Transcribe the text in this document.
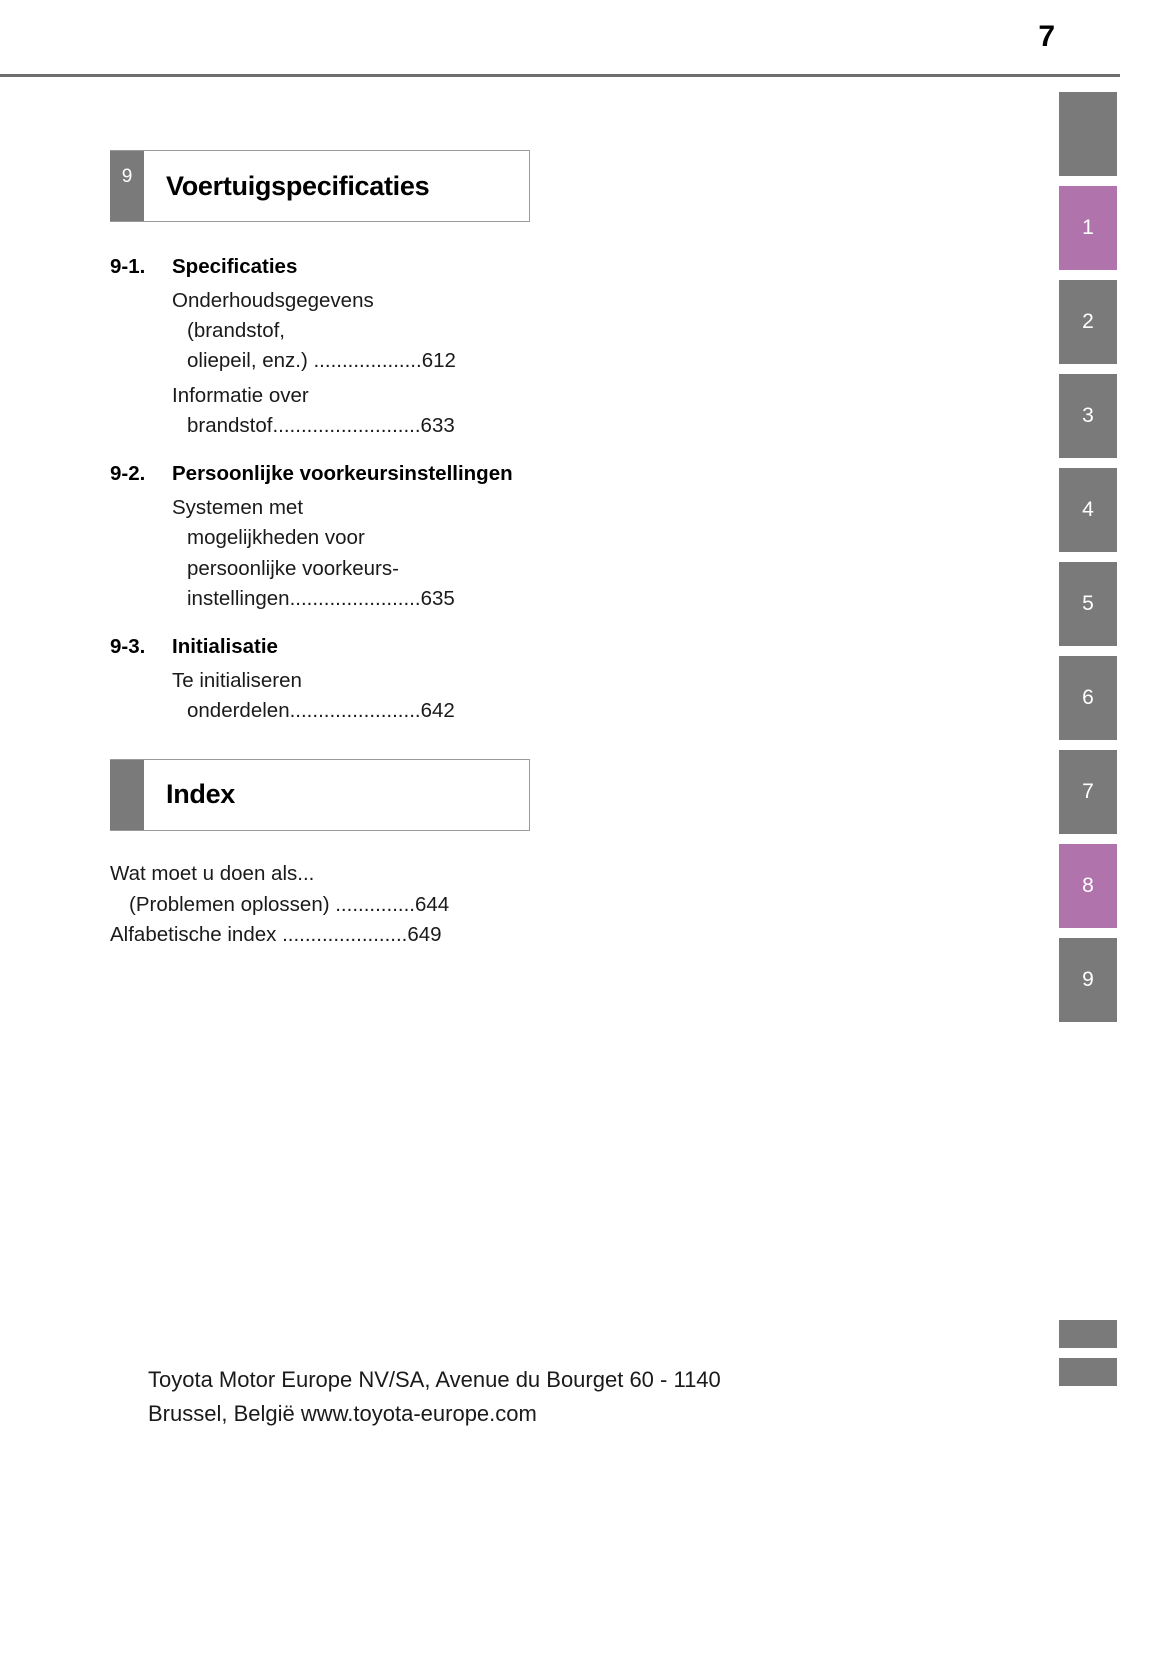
7
1
2
3
4
5
6
7
8
9
9	Voertuigspecificaties
9-1.	Specificaties
Onderhoudsgegevens
(brandstof,
oliepeil, enz.) ...................612
Informatie over
brandstof..........................633
9-2.	Persoonlijke voorkeursinstellingen
Systemen met
mogelijkheden voor
persoonlijke voorkeurs-
instellingen.......................635
9-3.	Initialisatie
Te initialiseren
onderdelen.......................642
Index
Wat moet u doen als...
(Problemen oplossen) ..............644
Alfabetische index ......................649
Toyota Motor Europe NV/SA, Avenue du Bourget 60 - 1140
Brussel, België www.toyota-europe.com
